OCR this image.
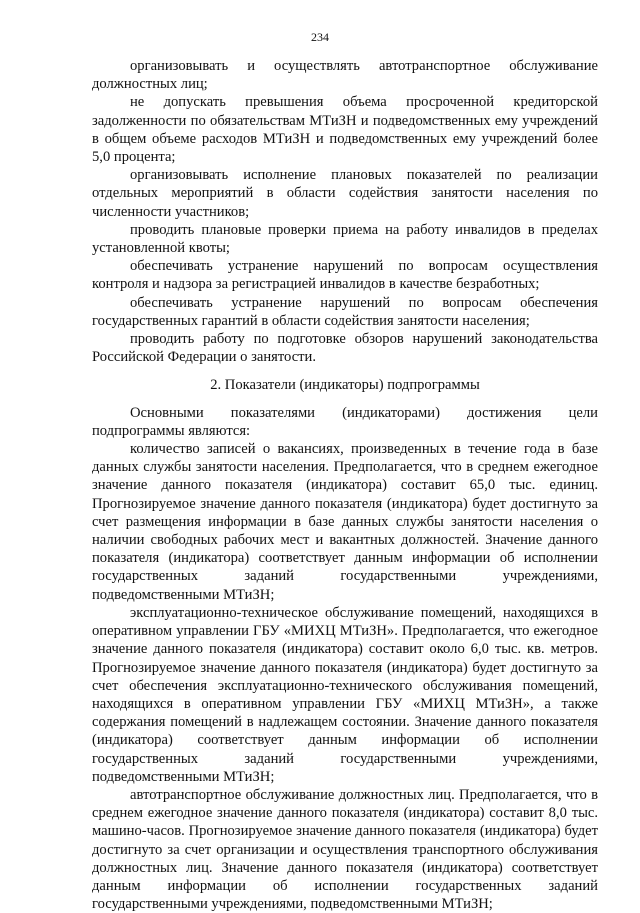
234

организовывать и осуществлять автотранспортное обслуживание должностных лиц;

не допускать превышения объема просроченной кредиторской задолженности по обязательствам МТиЗН и подведомственных ему учреждений в общем объеме расходов МТиЗН и подведомственных ему учреждений более 5,0 процента;

организовывать исполнение плановых показателей по реализации отдельных мероприятий в области содействия занятости населения по численности участников;

проводить плановые проверки приема на работу инвалидов в пределах установленной квоты;

обеспечивать устранение нарушений по вопросам осуществления контроля и надзора за регистрацией инвалидов в качестве безработных;

обеспечивать устранение нарушений по вопросам обеспечения государственных гарантий в области содействия занятости населения;

проводить работу по подготовке обзоров нарушений законодательства Российской Федерации о занятости.

2. Показатели (индикаторы) подпрограммы

Основными показателями (индикаторами) достижения цели подпрограммы являются:

количество записей о вакансиях, произведенных в течение года в базе данных службы занятости населения. Предполагается, что в среднем ежегодное значение данного показателя (индикатора) составит 65,0 тыс. единиц. Прогнозируемое значение данного показателя (индикатора) будет достигнуто за счет размещения информации в базе данных службы занятости населения о наличии свободных рабочих мест и вакантных должностей. Значение данного показателя (индикатора) соответствует данным информации об исполнении государственных заданий государственными учреждениями, подведомственными МТиЗН;

эксплуатационно-техническое обслуживание помещений, находящихся в оперативном управлении ГБУ «МИХЦ МТиЗН». Предполагается, что ежегодное значение данного показателя (индикатора) составит около 6,0 тыс. кв. метров. Прогнозируемое значение данного показателя (индикатора) будет достигнуто за счет обеспечения эксплуатационно-технического обслуживания помещений, находящихся в оперативном управлении ГБУ «МИХЦ МТиЗН», а также содержания помещений в надлежащем состоянии. Значение данного показателя (индикатора) соответствует данным информации об исполнении государственных заданий государственными учреждениями, подведомственными МТиЗН;

автотранспортное обслуживание должностных лиц. Предполагается, что в среднем ежегодное значение данного показателя (индикатора) составит 8,0 тыс. машино-часов. Прогнозируемое значение данного показателя (индикатора) будет достигнуто за счет организации и осуществления транспортного обслуживания должностных лиц. Значение данного показателя (индикатора) соответствует данным информации об исполнении государственных заданий государственными учреждениями, подведомственными МТиЗН;
